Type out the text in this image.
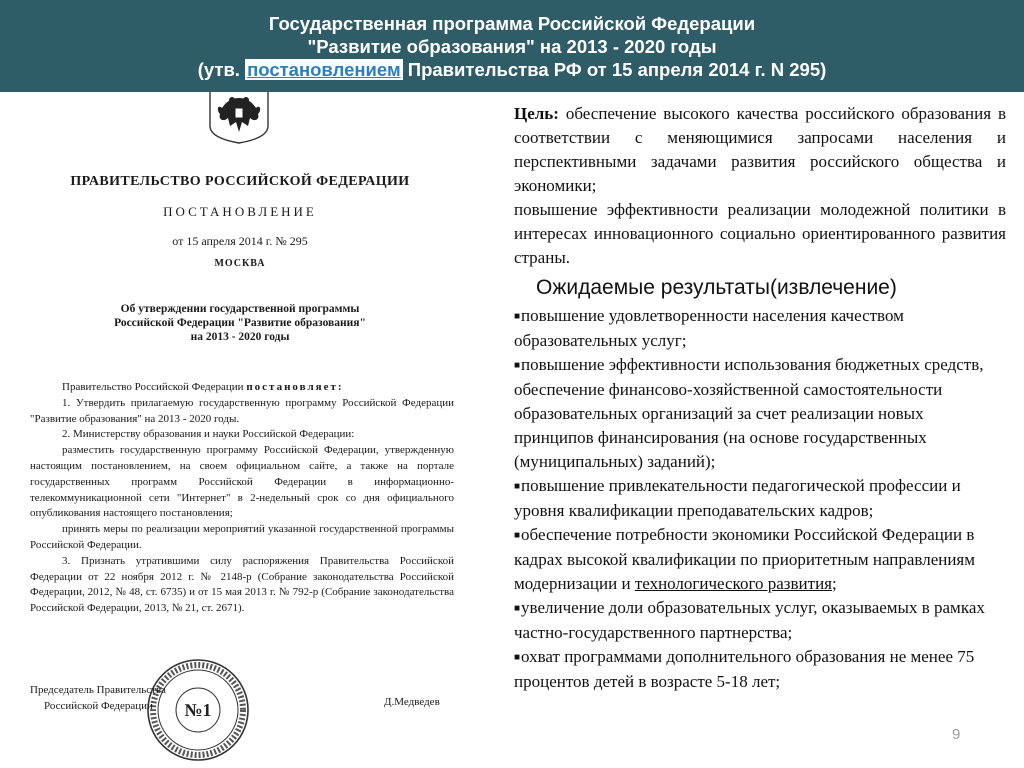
Государственная программа Российской Федерации
"Развитие образования" на 2013 - 2020 годы
(утв. постановлением Правительства РФ от 15 апреля 2014 г. N 295)
ПРАВИТЕЛЬСТВО РОССИЙСКОЙ ФЕДЕРАЦИИ
ПОСТАНОВЛЕНИЕ
от 15 апреля 2014 г. № 295
МОСКВА
Об утверждении государственной программы
Российской Федерации "Развитие образования"
на 2013 - 2020 годы

Правительство Российской Федерации постановляет:

1. Утвердить прилагаемую государственную программу Российской Федерации "Развитие образования" на 2013 - 2020 годы.

2. Министерству образования и науки Российской Федерации:

разместить государственную программу Российской Федерации, утвержденную настоящим постановлением, на своем официальном сайте, а также на портале государственных программ Российской Федерации в информационно-телекоммуникационной сети "Интернет" в 2-недельный срок со дня официального опубликования настоящего постановления;

принять меры по реализации мероприятий указанной государственной программы Российской Федерации.

3. Признать утратившими силу распоряжения Правительства Российской Федерации от 22 ноября 2012 г. № 2148-р (Собрание законодательства Российской Федерации, 2012, № 48, ст. 6735) и от 15 мая 2013 г. № 792-р (Собрание законодательства Российской Федерации, 2013, № 21, ст. 2671).

№1
Председатель Правительства
Российской Федерации	Д.Медведев

Цель: обеспечение высокого качества российского образования в соответствии с меняющимися запросами населения и перспективными задачами развития российского общества и экономики;

повышение эффективности реализации молодежной политики в интересах инновационного социально ориентированного развития страны.

Ожидаемые результаты(извлечение)
■повышение удовлетворенности населения качеством образовательных услуг;
■повышение эффективности использования бюджетных средств, обеспечение финансово-хозяйственной самостоятельности образовательных организаций за счет реализации новых принципов финансирования (на основе государственных (муниципальных) заданий);
■повышение привлекательности педагогической профессии и уровня квалификации преподавательских кадров;
■обеспечение потребности экономики Российской Федерации в кадрах высокой квалификации по приоритетным направлениям модернизации и технологического развития;
■увеличение доли образовательных услуг, оказываемых в рамках частно-государственного партнерства;
■охват программами дополнительного образования не менее 75 процентов детей в возрасте 5-18 лет;
9
